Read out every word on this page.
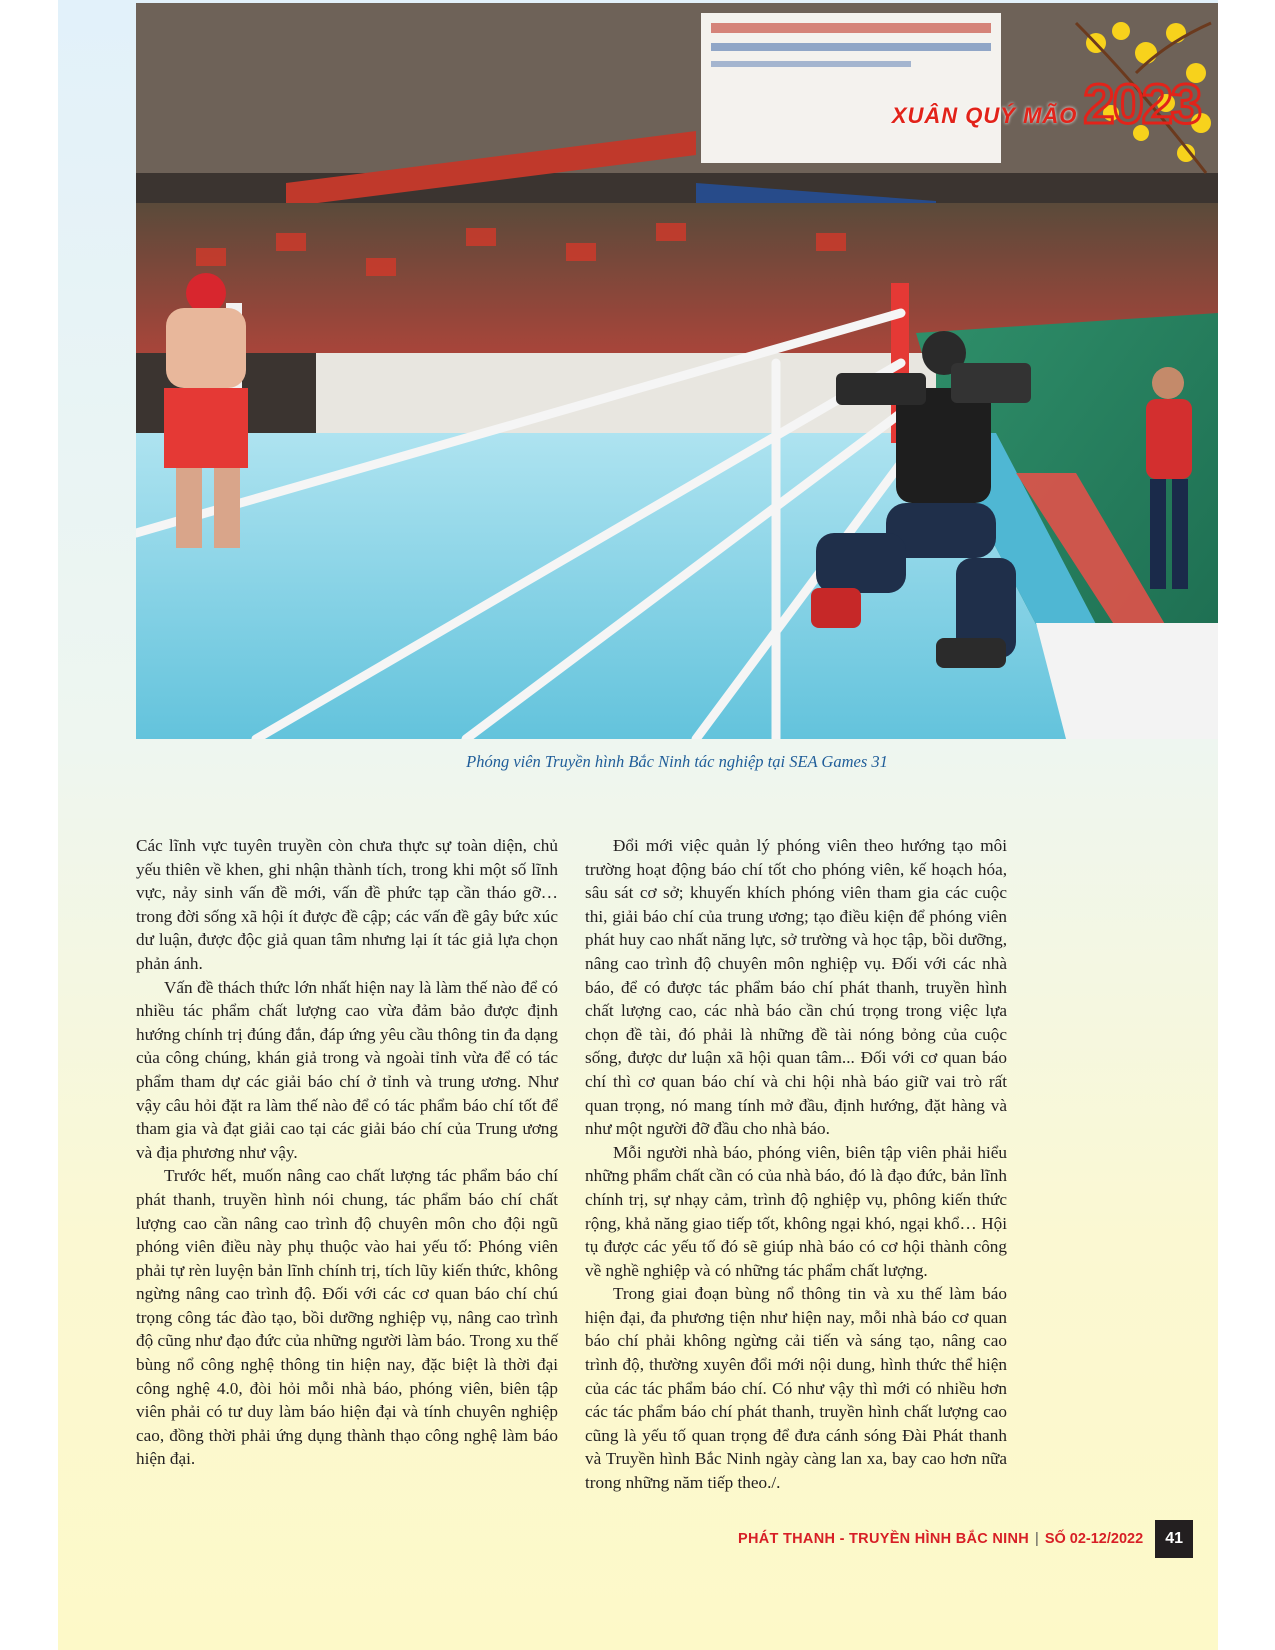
XUÂN QUÝ MÃO 2023
Phóng viên Truyền hình Bắc Ninh tác nghiệp tại SEA Games 31

Các lĩnh vực tuyên truyền còn chưa thực sự toàn diện, chủ yếu thiên về khen, ghi nhận thành tích, trong khi một số lĩnh vực, nảy sinh vấn đề mới, vấn đề phức tạp cần tháo gỡ…trong đời sống xã hội ít được đề cập; các vấn đề gây bức xúc dư luận, được độc giả quan tâm nhưng lại ít tác giả lựa chọn phản ánh.

Vấn đề thách thức lớn nhất hiện nay là làm thế nào để có nhiều tác phẩm chất lượng cao vừa đảm bảo được định hướng chính trị đúng đắn, đáp ứng yêu cầu thông tin đa dạng của công chúng, khán giả trong và ngoài tỉnh vừa để có tác phẩm tham dự các giải báo chí ở tỉnh và trung ương. Như vậy câu hỏi đặt ra làm thế nào để có tác phẩm báo chí tốt để tham gia và đạt giải cao tại các giải báo chí của Trung ương và địa phương như vậy.

Trước hết, muốn nâng cao chất lượng tác phẩm báo chí phát thanh, truyền hình nói chung, tác phẩm báo chí chất lượng cao cần nâng cao trình độ chuyên môn cho đội ngũ phóng viên điều này phụ thuộc vào hai yếu tố: Phóng viên phải tự rèn luyện bản lĩnh chính trị, tích lũy kiến thức, không ngừng nâng cao trình độ. Đối với các cơ quan báo chí chú trọng công tác đào tạo, bồi dưỡng nghiệp vụ, nâng cao trình độ cũng như đạo đức của những người làm báo. Trong xu thế bùng nổ công nghệ thông tin hiện nay, đặc biệt là thời đại công nghệ 4.0, đòi hỏi mỗi nhà báo, phóng viên, biên tập viên phải có tư duy làm báo hiện đại và tính chuyên nghiệp cao, đồng thời phải ứng dụng thành thạo công nghệ làm báo hiện đại.

Đổi mới việc quản lý phóng viên theo hướng tạo môi trường hoạt động báo chí tốt cho phóng viên, kế hoạch hóa, sâu sát cơ sở; khuyến khích phóng viên tham gia các cuộc thi, giải báo chí của trung ương; tạo điều kiện để phóng viên phát huy cao nhất năng lực, sở trường và học tập, bồi dưỡng, nâng cao trình độ chuyên môn nghiệp vụ. Đối với các nhà báo, để có được tác phẩm báo chí phát thanh, truyền hình chất lượng cao, các nhà báo cần chú trọng trong việc lựa chọn đề tài, đó phải là những đề tài nóng bỏng của cuộc sống, được dư luận xã hội quan tâm... Đối với cơ quan báo chí thì cơ quan báo chí và chi hội nhà báo giữ vai trò rất quan trọng, nó mang tính mở đầu, định hướng, đặt hàng và như một người đỡ đầu cho nhà báo.

Mỗi người nhà báo, phóng viên, biên tập viên phải hiểu những phẩm chất cần có của nhà báo, đó là đạo đức, bản lĩnh chính trị, sự nhạy cảm, trình độ nghiệp vụ, phông kiến thức rộng, khả năng giao tiếp tốt, không ngại khó, ngại khổ… Hội tụ được các yếu tố đó sẽ giúp nhà báo có cơ hội thành công về nghề nghiệp và có những tác phẩm chất lượng.

Trong giai đoạn bùng nổ thông tin và xu thế làm báo hiện đại, đa phương tiện như hiện nay, mỗi nhà báo cơ quan báo chí phải không ngừng cải tiến và sáng tạo, nâng cao trình độ, thường xuyên đổi mới nội dung, hình thức thể hiện của các tác phẩm báo chí. Có như vậy thì mới có nhiều hơn các tác phẩm báo chí phát thanh, truyền hình chất lượng cao cũng là yếu tố quan trọng để đưa cánh sóng Đài Phát thanh và Truyền hình Bắc Ninh ngày càng lan xa, bay cao hơn nữa trong những năm tiếp theo./.

PHÁT THANH - TRUYỀN HÌNH BẮC NINH | SỐ 02-12/2022	41
